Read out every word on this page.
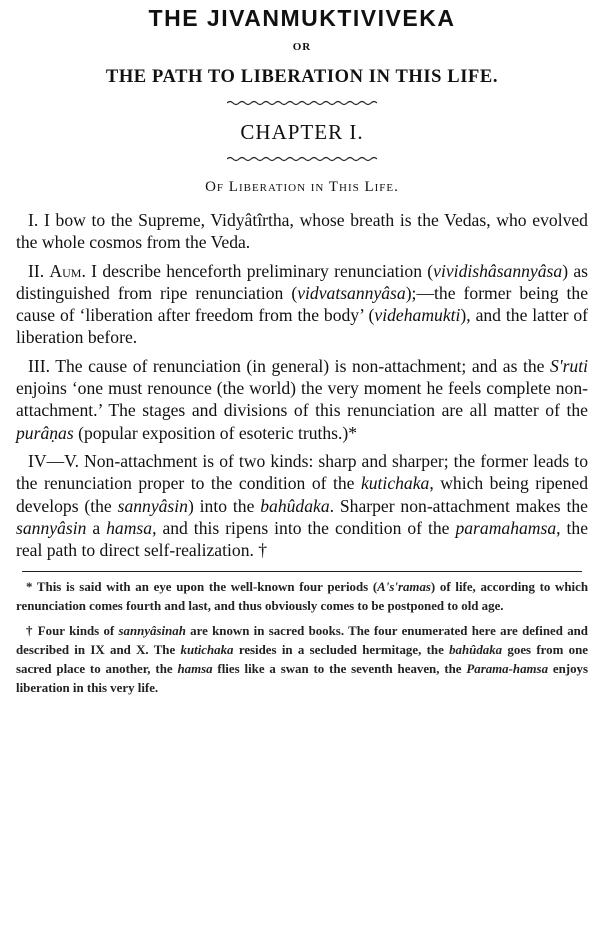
THE JIVANMUKTIVIVEKA
OR
THE PATH TO LIBERATION IN THIS LIFE.
CHAPTER I.
Of Liberation in This Life.

I. I bow to the Supreme, Vidyâtîrtha, whose breath is the Vedas, who evolved the whole cosmos from the Veda.

II. Aum. I describe henceforth preliminary renunciation (vividishâsannyâsa) as distinguished from ripe renunciation (vidvatsannyâsa);—the former being the cause of ‘liberation after freedom from the body’ (videhamukti), and the latter of liberation before.

III. The cause of renunciation (in general) is non-attachment; and as the S'ruti enjoins ‘one must renounce (the world) the very moment he feels complete non-attachment.’ The stages and divisions of this renunciation are all matter of the purâṇas (popular exposition of esoteric truths.)*

IV—V. Non-attachment is of two kinds: sharp and sharper; the former leads to the renunciation proper to the condition of the kutichaka, which being ripened develops (the sannyâsin) into the bahûdaka. Sharper non-attachment makes the sannyâsin a hamsa, and this ripens into the condition of the paramahamsa, the real path to direct self-realization. †

* This is said with an eye upon the well-known four periods (A's'ramas) of life, according to which renunciation comes fourth and last, and thus obviously comes to be postponed to old age.

† Four kinds of sannyâsinah are known in sacred books. The four enumerated here are defined and described in IX and X. The kutichaka resides in a secluded hermitage, the bahûdaka goes from one sacred place to another, the hamsa flies like a swan to the seventh heaven, the Parama-hamsa enjoys liberation in this very life.
